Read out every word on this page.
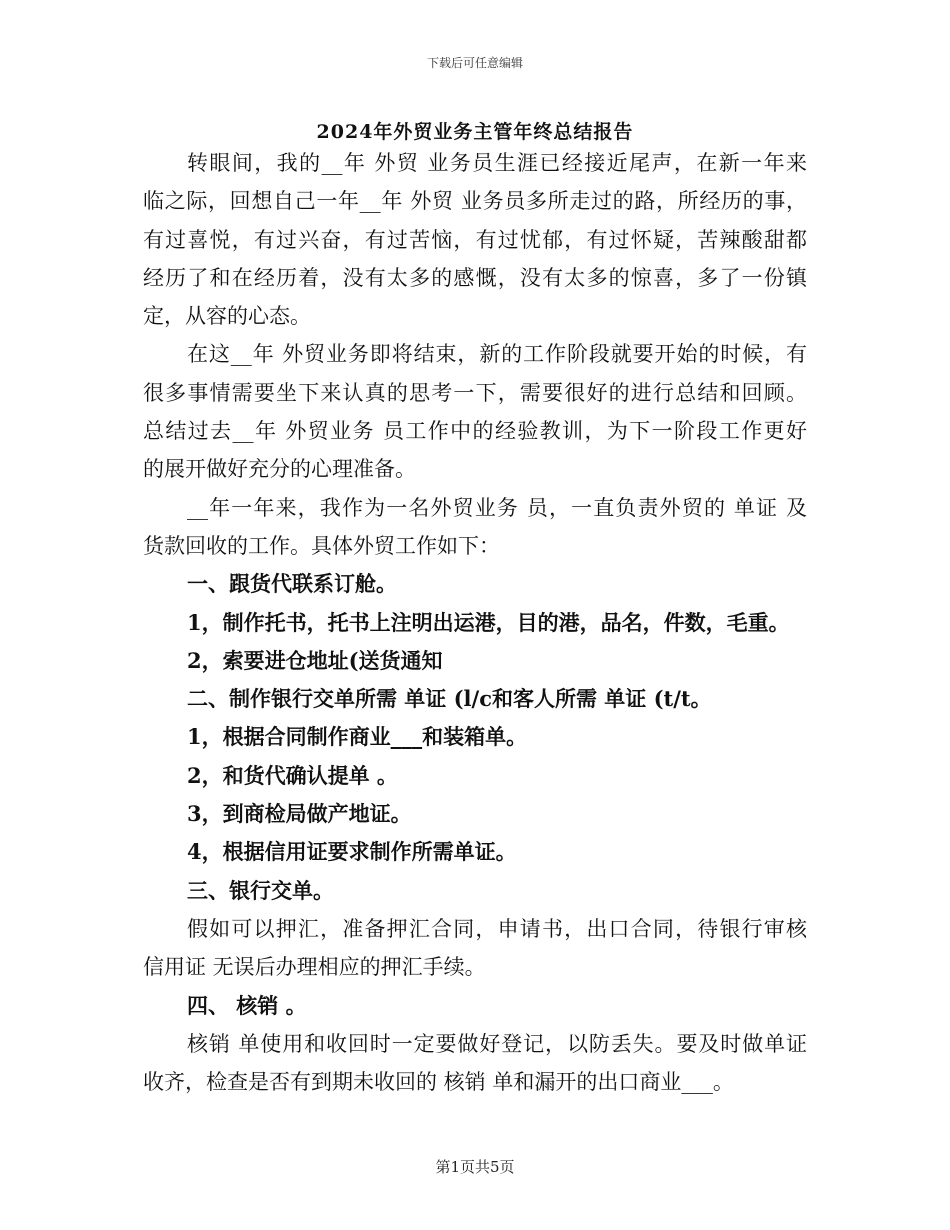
下载后可任意编辑
2024年外贸业务主管年终总结报告
转眼间，我的__年 外贸 业务员生涯已经接近尾声，在新一年来
临之际，回想自己一年__年 外贸 业务员多所走过的路，所经历的事，
有过喜悦，有过兴奋，有过苦恼，有过忧郁，有过怀疑，苦辣酸甜都
经历了和在经历着，没有太多的感慨，没有太多的惊喜，多了一份镇
定，从容的心态。
在这__年 外贸业务即将结束，新的工作阶段就要开始的时候，有
很多事情需要坐下来认真的思考一下，需要很好的进行总结和回顾。
总结过去__年 外贸业务 员工作中的经验教训，为下一阶段工作更好
的展开做好充分的心理准备。
__年一年来，我作为一名外贸业务 员，一直负责外贸的 单证 及
货款回收的工作。具体外贸工作如下：
一、跟货代联系订舱。
1，制作托书，托书上注明出运港，目的港，品名，件数，毛重。
2，索要进仓地址(送货通知
二、制作银行交单所需 单证 (l/c和客人所需 单证 (t/t。
1，根据合同制作商业___和装箱单。
2，和货代确认提单 。
3，到商检局做产地证。
4，根据信用证要求制作所需单证。
三、银行交单。
假如可以押汇，准备押汇合同，申请书，出口合同，待银行审核
信用证 无误后办理相应的押汇手续。
四、 核销 。
核销 单使用和收回时一定要做好登记，以防丢失。要及时做单证
收齐，检查是否有到期未收回的 核销 单和漏开的出口商业___。
第1页共5页
